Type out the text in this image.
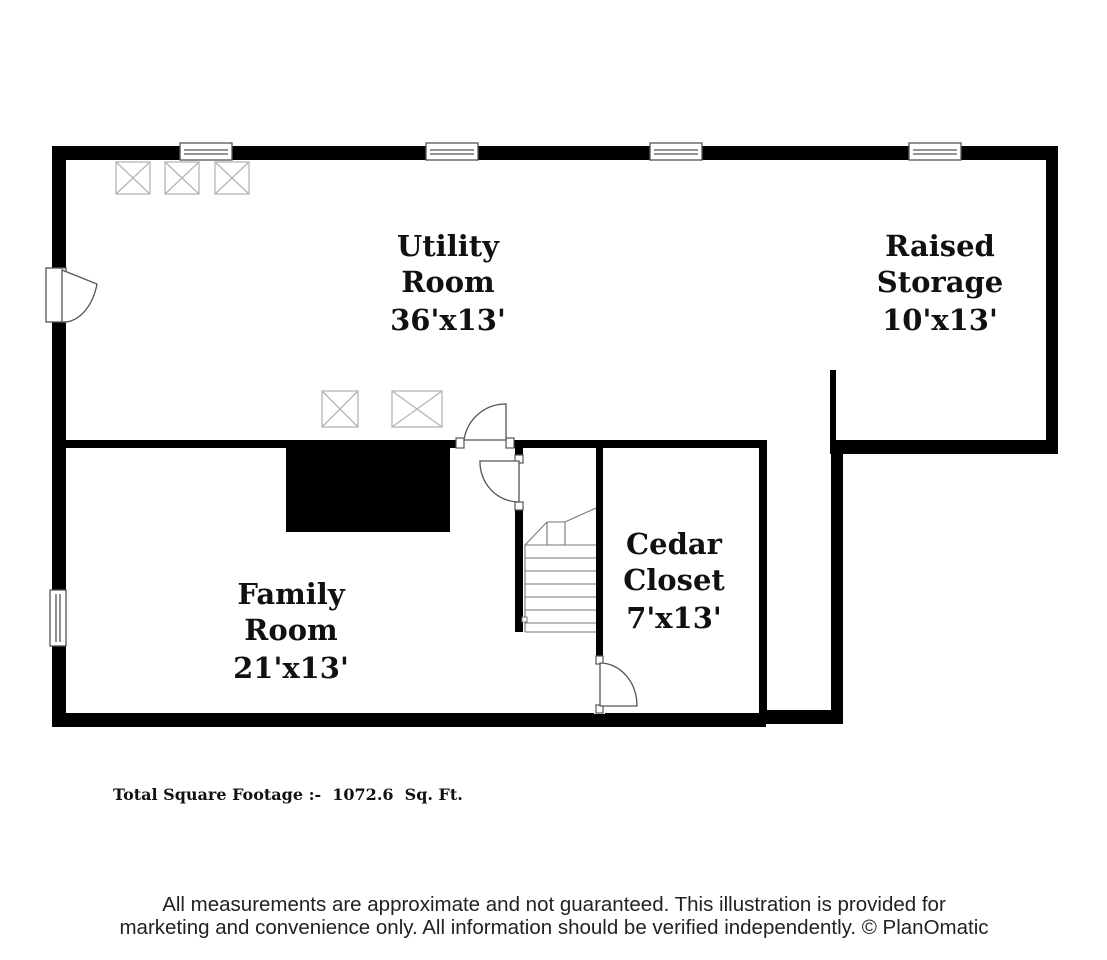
Utility
Room
36'x13'
Raised
Storage
10'x13'
Cedar
Closet
7'x13'
Family
Room
21'x13'
Total Square Footage :-  1072.6  Sq. Ft.
All measurements are approximate and not guaranteed. This illustration is provided for
marketing and convenience only. All information should be verified independently. © PlanOmatic
